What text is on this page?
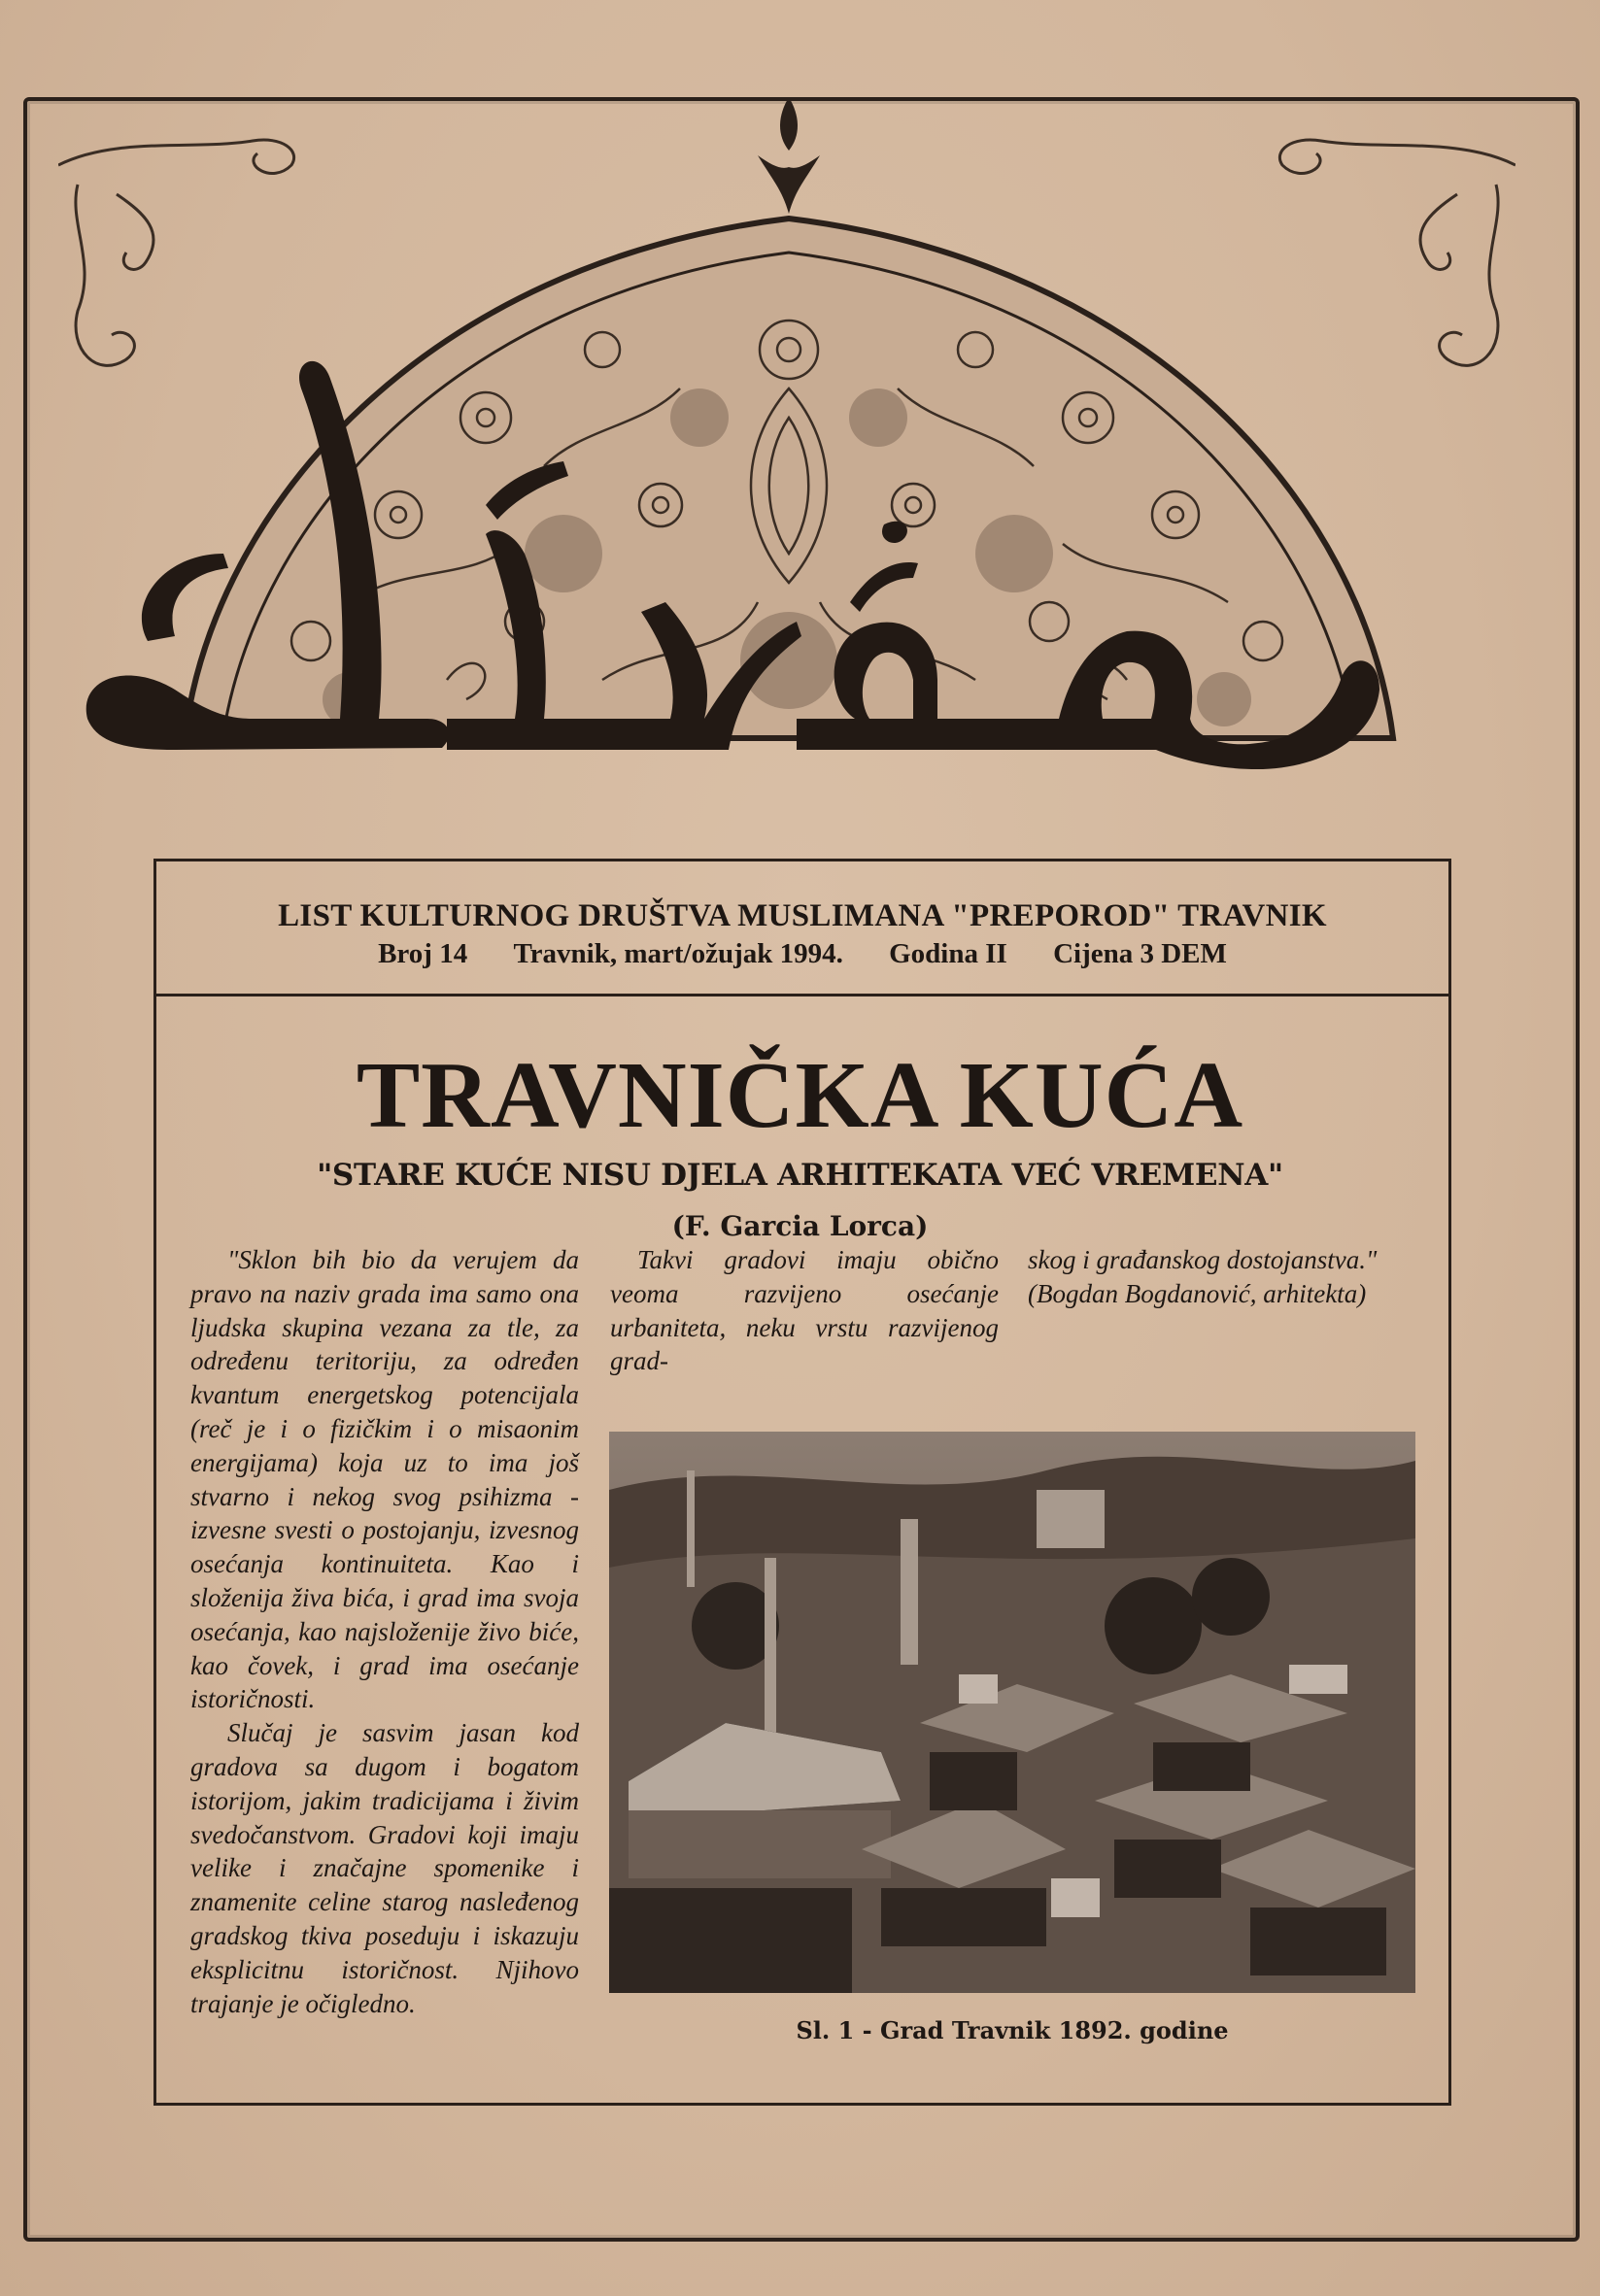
LIST KULTURNOG DRUŠTVA MUSLIMANA "PREPOROD" TRAVNIK
Broj 14 Travnik, mart/ožujak 1994. Godina II Cijena 3 DEM
TRAVNIČKA KUĆA
"STARE KUĆE NISU DJELA ARHITEKATA VEĆ VREMENA"
(F. Garcia Lorca)

"Sklon bih bio da verujem da pravo na naziv grada ima samo ona ljudska skupina vezana za tle, za određenu teritoriju, za određen kvantum energetskog potencijala (reč je i o fizičkim i o misaonim energijama) koja uz to ima još stvarno i nekog svog psihizma - izvesne svesti o postojanju, izvesnog osećanja kontinuiteta. Kao i složenija živa bića, i grad ima svoja osećanja, kao najsloženije živo biće, kao čovek, i grad ima osećanje istoričnosti.

Slučaj je sasvim jasan kod gradova sa dugom i bogatom istorijom, jakim tradicijama i živim svedočanstvom. Gradovi koji imaju velike i značajne spomenike i znamenite celine starog nasleđenog gradskog tkiva poseduju i iskazuju eksplicitnu istoričnost. Njihovo trajanje je očigledno.

Takvi gradovi imaju obično veoma razvijeno osećanje urbaniteta, neku vrstu razvijenog grad-

skog i građanskog dostojanstva." (Bogdan Bogdanović, arhitekta)

Sl. 1 - Grad Travnik 1892. godine
